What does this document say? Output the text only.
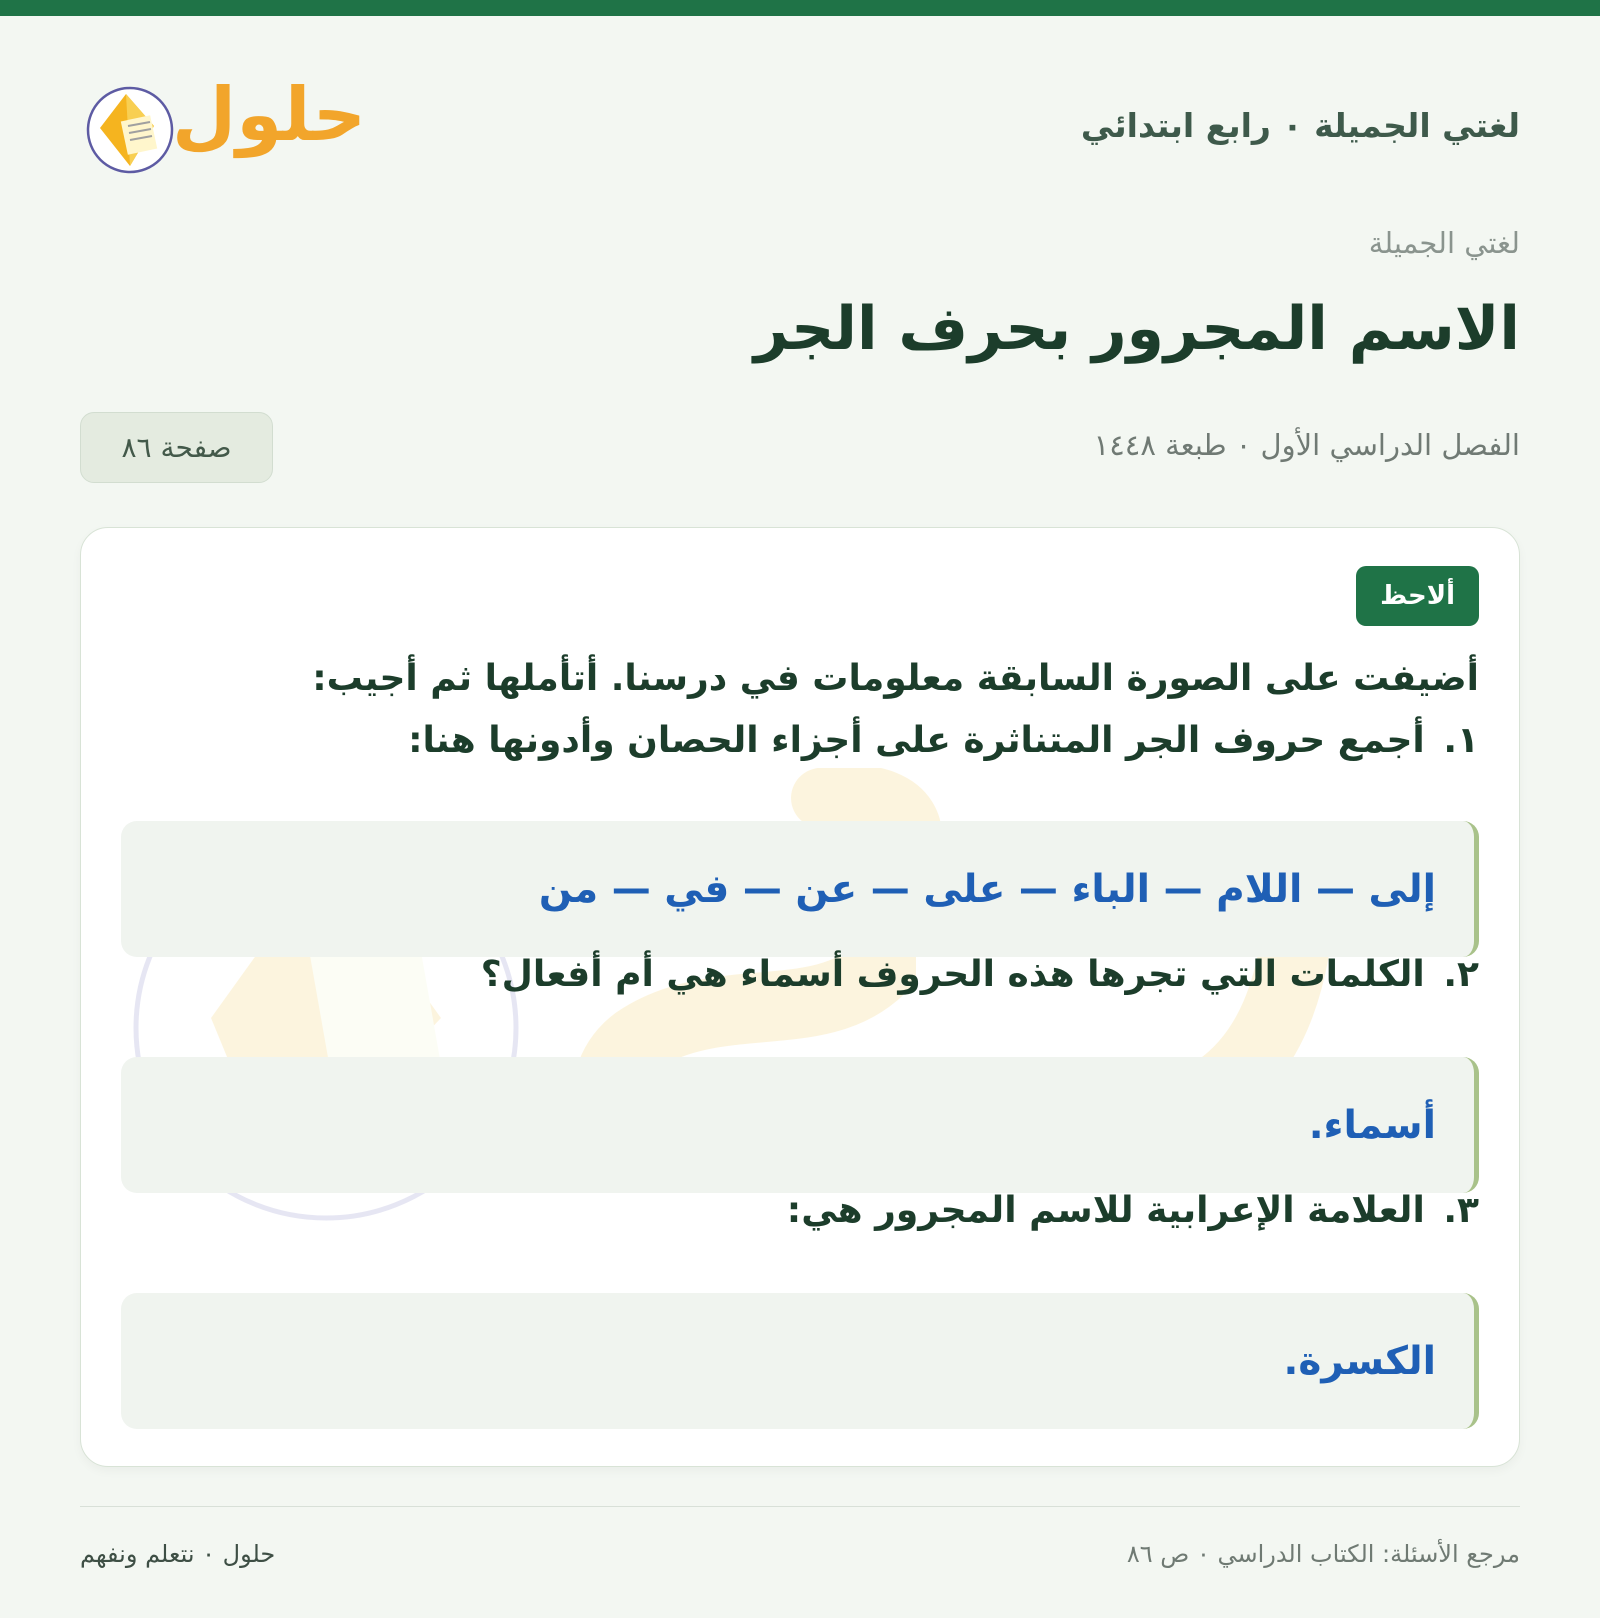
لغتي الجميلة ٠ رابع ابتدائي
حلول
لغتي الجميلة
الاسم المجرور بحرف الجر
الفصل الدراسي الأول ٠ طبعة ١٤٤٨
صفحة ٨٦
ألاحظ
أضيفت على الصورة السابقة معلومات في درسنا. أتأملها ثم أجيب:
١. أجمع حروف الجر المتناثرة على أجزاء الحصان وأدونها هنا:
إلى — اللام — الباء — على — عن — في — من
٢. الكلمات التي تجرها هذه الحروف أسماء هي أم أفعال؟
أسماء.
٣. العلامة الإعرابية للاسم المجرور هي:
الكسرة.
مرجع الأسئلة: الكتاب الدراسي ٠ ص ٨٦
حلول ٠ نتعلم ونفهم
